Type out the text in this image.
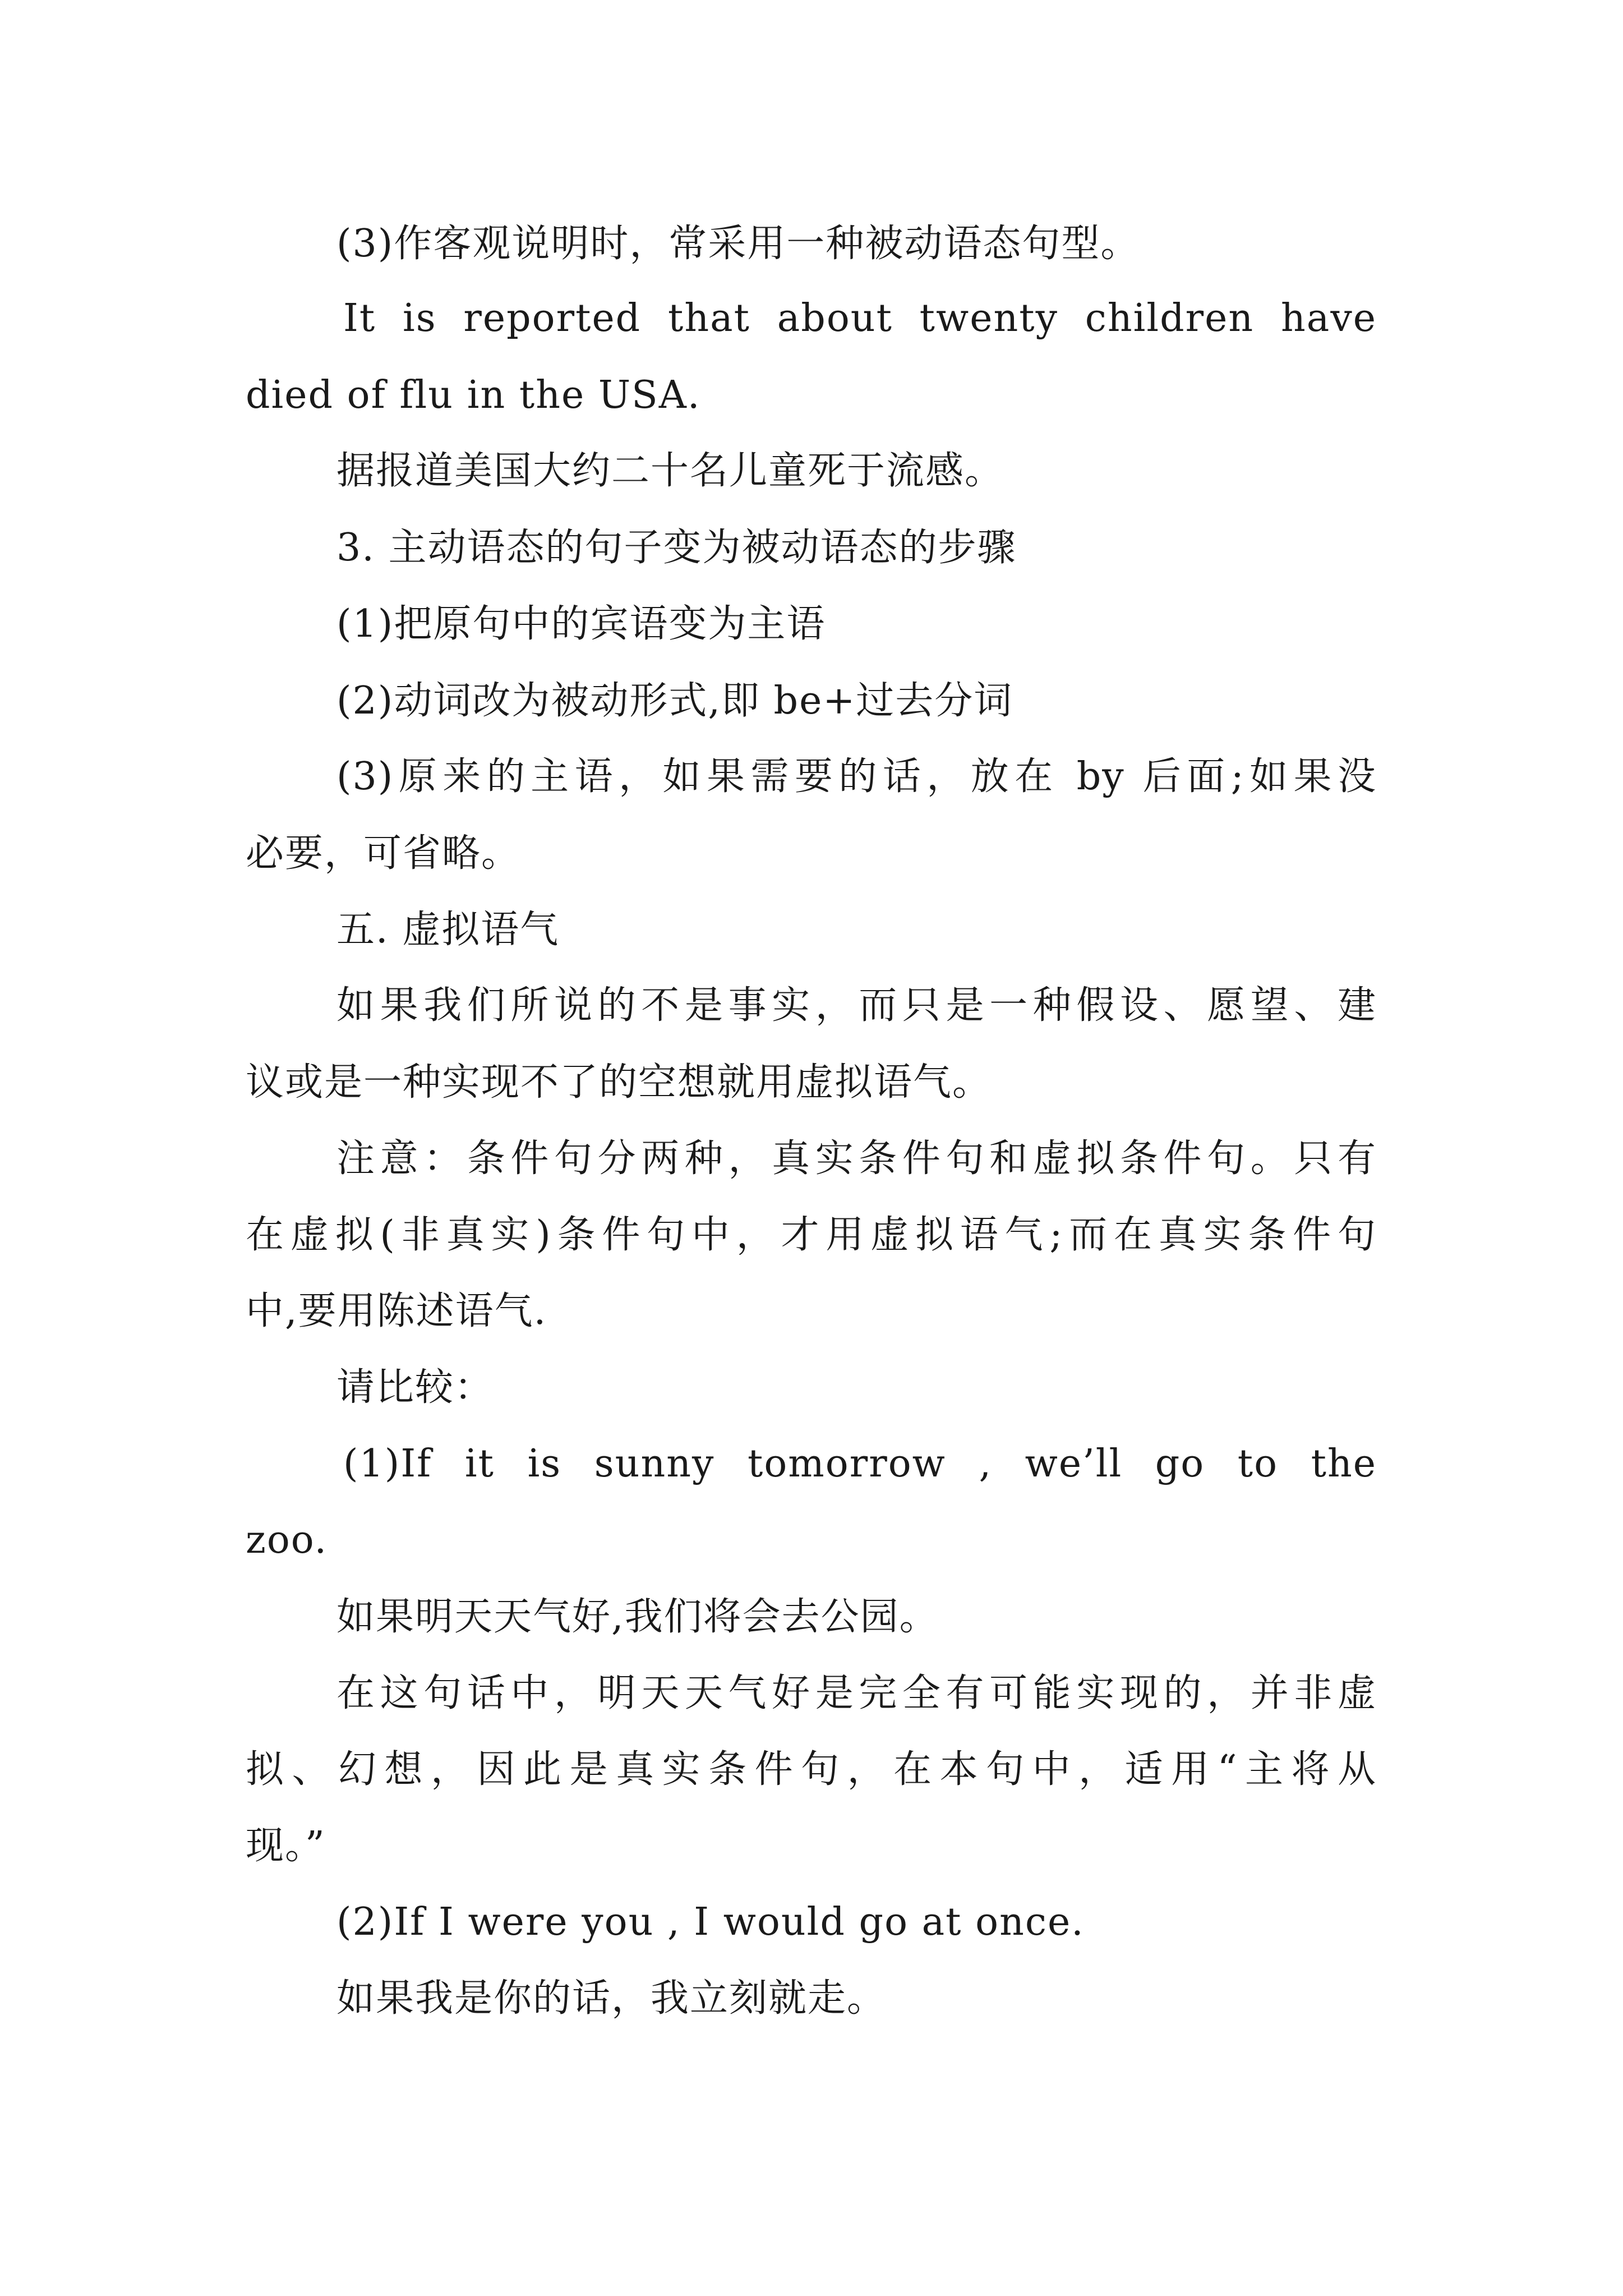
(3)作客观说明时，常采用一种被动语态句型。
It is reported that about twenty children have
died of flu in the USA.
据报道美国大约二十名儿童死于流感。
3. 主动语态的句子变为被动语态的步骤
(1)把原句中的宾语变为主语
(2)动词改为被动形式,即 be+过去分词
(3)原来的主语，如果需要的话，放在 by 后面;如果没
必要，可省略。
五. 虚拟语气
如果我们所说的不是事实，而只是一种假设、愿望、建
议或是一种实现不了的空想就用虚拟语气。
注意：条件句分两种，真实条件句和虚拟条件句。只有
在虚拟(非真实)条件句中，才用虚拟语气;而在真实条件句
中,要用陈述语气.
请比较：
(1)If it is sunny tomorrow , we’ll go to the
zoo.
如果明天天气好,我们将会去公园。
在这句话中，明天天气好是完全有可能实现的，并非虚
拟、幻想，因此是真实条件句，在本句中，适用“主将从
现。”
(2)If I were you , I would go at once.
如果我是你的话，我立刻就走。
